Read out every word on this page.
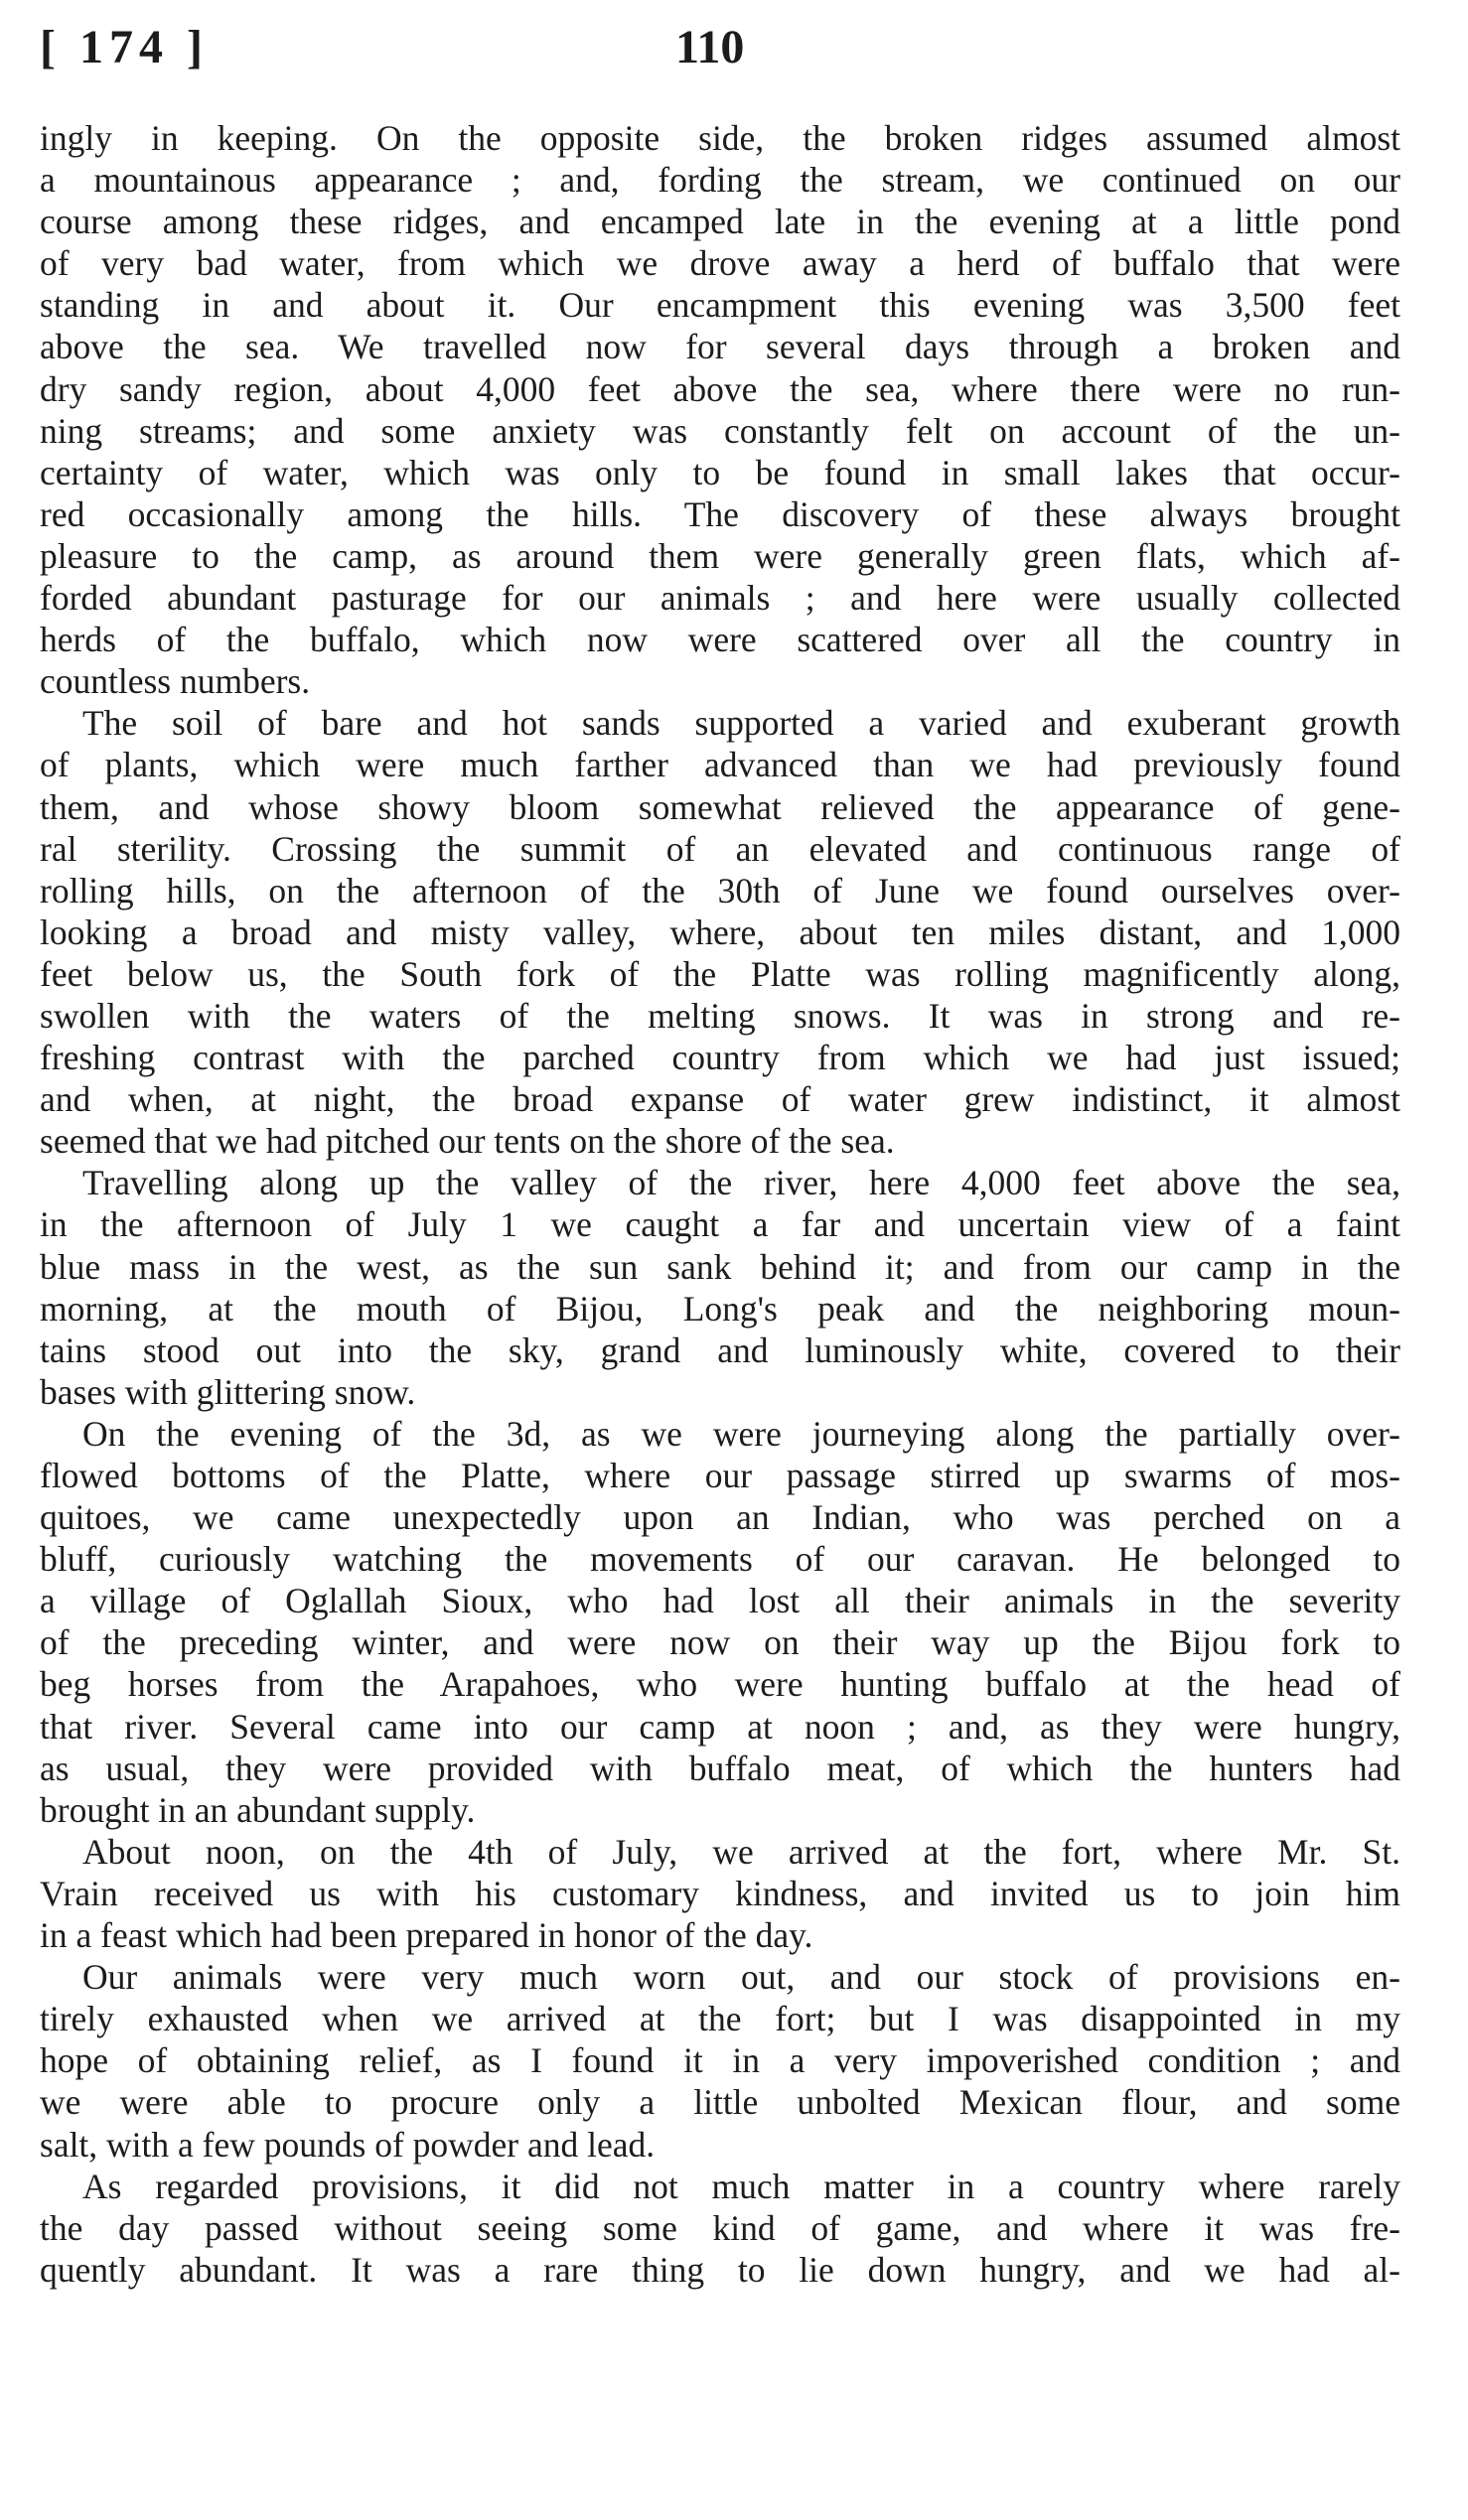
[ 174 ]	110
ingly in keeping. On the opposite side, the broken ridges assumed almost
a mountainous appearance ; and, fording the stream, we continued on our
course among these ridges, and encamped late in the evening at a little pond
of very bad water, from which we drove away a herd of buffalo that were
standing in and about it. Our encampment this evening was 3,500 feet
above the sea. We travelled now for several days through a broken and
dry sandy region, about 4,000 feet above the sea, where there were no run-
ning streams; and some anxiety was constantly felt on account of the un-
certainty of water, which was only to be found in small lakes that occur-
red occasionally among the hills. The discovery of these always brought
pleasure to the camp, as around them were generally green flats, which af-
forded abundant pasturage for our animals ; and here were usually collected
herds of the buffalo, which now were scattered over all the country in
countless numbers.
The soil of bare and hot sands supported a varied and exuberant growth
of plants, which were much farther advanced than we had previously found
them, and whose showy bloom somewhat relieved the appearance of gene-
ral sterility. Crossing the summit of an elevated and continuous range of
rolling hills, on the afternoon of the 30th of June we found ourselves over-
looking a broad and misty valley, where, about ten miles distant, and 1,000
feet below us, the South fork of the Platte was rolling magnificently along,
swollen with the waters of the melting snows. It was in strong and re-
freshing contrast with the parched country from which we had just issued;
and when, at night, the broad expanse of water grew indistinct, it almost
seemed that we had pitched our tents on the shore of the sea.
Travelling along up the valley of the river, here 4,000 feet above the sea,
in the afternoon of July 1 we caught a far and uncertain view of a faint
blue mass in the west, as the sun sank behind it; and from our camp in the
morning, at the mouth of Bijou, Long's peak and the neighboring moun-
tains stood out into the sky, grand and luminously white, covered to their
bases with glittering snow.
On the evening of the 3d, as we were journeying along the partially over-
flowed bottoms of the Platte, where our passage stirred up swarms of mos-
quitoes, we came unexpectedly upon an Indian, who was perched on a
bluff, curiously watching the movements of our caravan. He belonged to
a village of Oglallah Sioux, who had lost all their animals in the severity
of the preceding winter, and were now on their way up the Bijou fork to
beg horses from the Arapahoes, who were hunting buffalo at the head of
that river. Several came into our camp at noon ; and, as they were hungry,
as usual, they were provided with buffalo meat, of which the hunters had
brought in an abundant supply.
About noon, on the 4th of July, we arrived at the fort, where Mr. St.
Vrain received us with his customary kindness, and invited us to join him
in a feast which had been prepared in honor of the day.
Our animals were very much worn out, and our stock of provisions en-
tirely exhausted when we arrived at the fort; but I was disappointed in my
hope of obtaining relief, as I found it in a very impoverished condition ; and
we were able to procure only a little unbolted Mexican flour, and some
salt, with a few pounds of powder and lead.
As regarded provisions, it did not much matter in a country where rarely
the day passed without seeing some kind of game, and where it was fre-
quently abundant. It was a rare thing to lie down hungry, and we had al-
